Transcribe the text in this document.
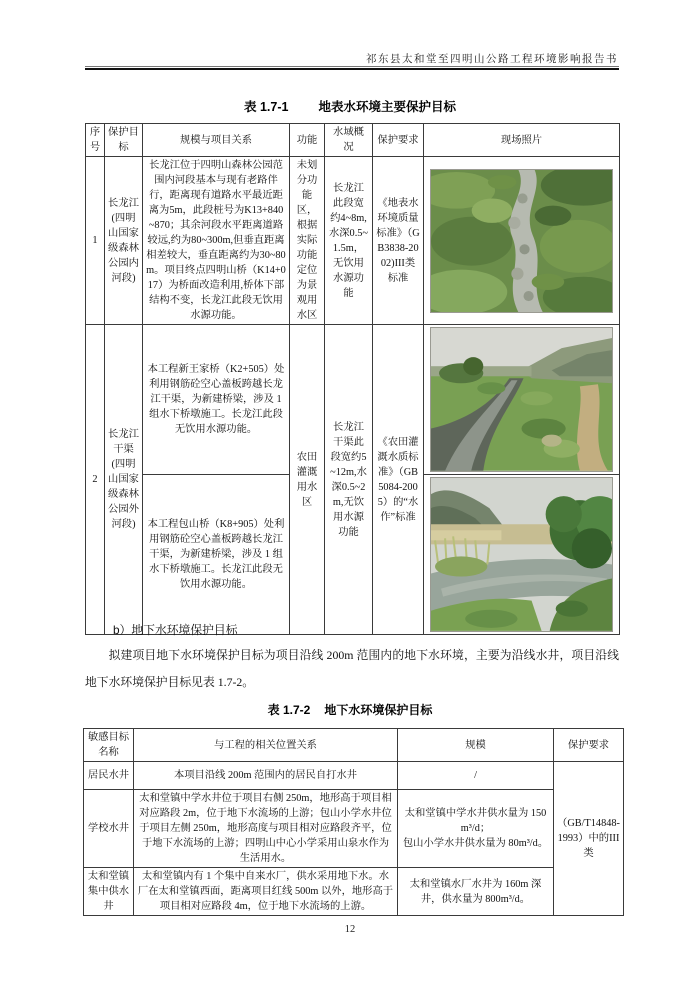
祁东县太和堂至四明山公路工程环境影响报告书
表 1.7-1 地表水环境主要保护目标
序号	保护目标	规模与项目关系	功能	水域概况	保护要求	现场照片
1	长龙江(四明山国家级森林公园内河段)	长龙江位于四明山森林公园范围内河段基本与现有老路伴行，距离现有道路水平最近距离为5m，此段桩号为K13+840~870；其余河段水平距离道路较远,约为80~300m,但垂直距离相差较大，垂直距离约为30~80m。项目终点四明山桥（K14+017）为桥面改造利用,桥体下部结构不变，长龙江此段无饮用水源功能。	未划分功能区，根据实际功能定位为景观用水区	长龙江此段宽约4~8m,水深0.5~1.5m，无饮用水源功能	《地表水环境质量标准》（GB3838-2002)III类标准	

2	长龙江干渠(四明山国家级森林公园外河段)	本工程新王家桥（K2+505）处利用钢筋砼空心盖板跨越长龙江干渠，为新建桥梁，涉及 1 组水下桥墩施工。长龙江此段无饮用水源功能。	农田灌溉用水区	长龙江干渠此段宽约5~12m,水深0.5~2m,无饮用水源功能	《农田灌溉水质标准》（GB5084-2005）的“水作”标准	

		本工程包山桥（K8+905）处利用钢筋砼空心盖板跨越长龙江干渠，为新建桥梁，涉及 1 组水下桥墩施工。长龙江此段无饮用水源功能。	
b）地下水环境保护目标

拟建项目地下水环境保护目标为项目沿线 200m 范围内的地下水环境，主要为沿线水井，项目沿线地下水环境保护目标见表 1.7-2。

表 1.7-2 地下水环境保护目标
敏感目标名称	与工程的相关位置关系	规模	保护要求
居民水井	本项目沿线 200m 范围内的居民自打水井	/	（GB/T14848-1993）中的III类
学校水井	太和堂镇中学水井位于项目右侧 250m，地形高于项目相对应路段 2m，位于地下水流场的上游；包山小学水井位于项目左侧 250m，地形高度与项目相对应路段齐平，位于地下水流场的上游；四明山中心小学采用山泉水作为生活用水。	太和堂镇中学水井供水量为 150m³/d；
包山小学水井供水量为 80m³/d。	

太和堂镇集中供水井	太和堂镇内有 1 个集中自来水厂，供水采用地下水。水厂在太和堂镇西面，距离项目红线 500m 以外，地形高于项目相对应路段 4m，位于地下水流场的上游。	太和堂镇水厂水井为 160m 深井，供水量为 800m³/d。	
12
